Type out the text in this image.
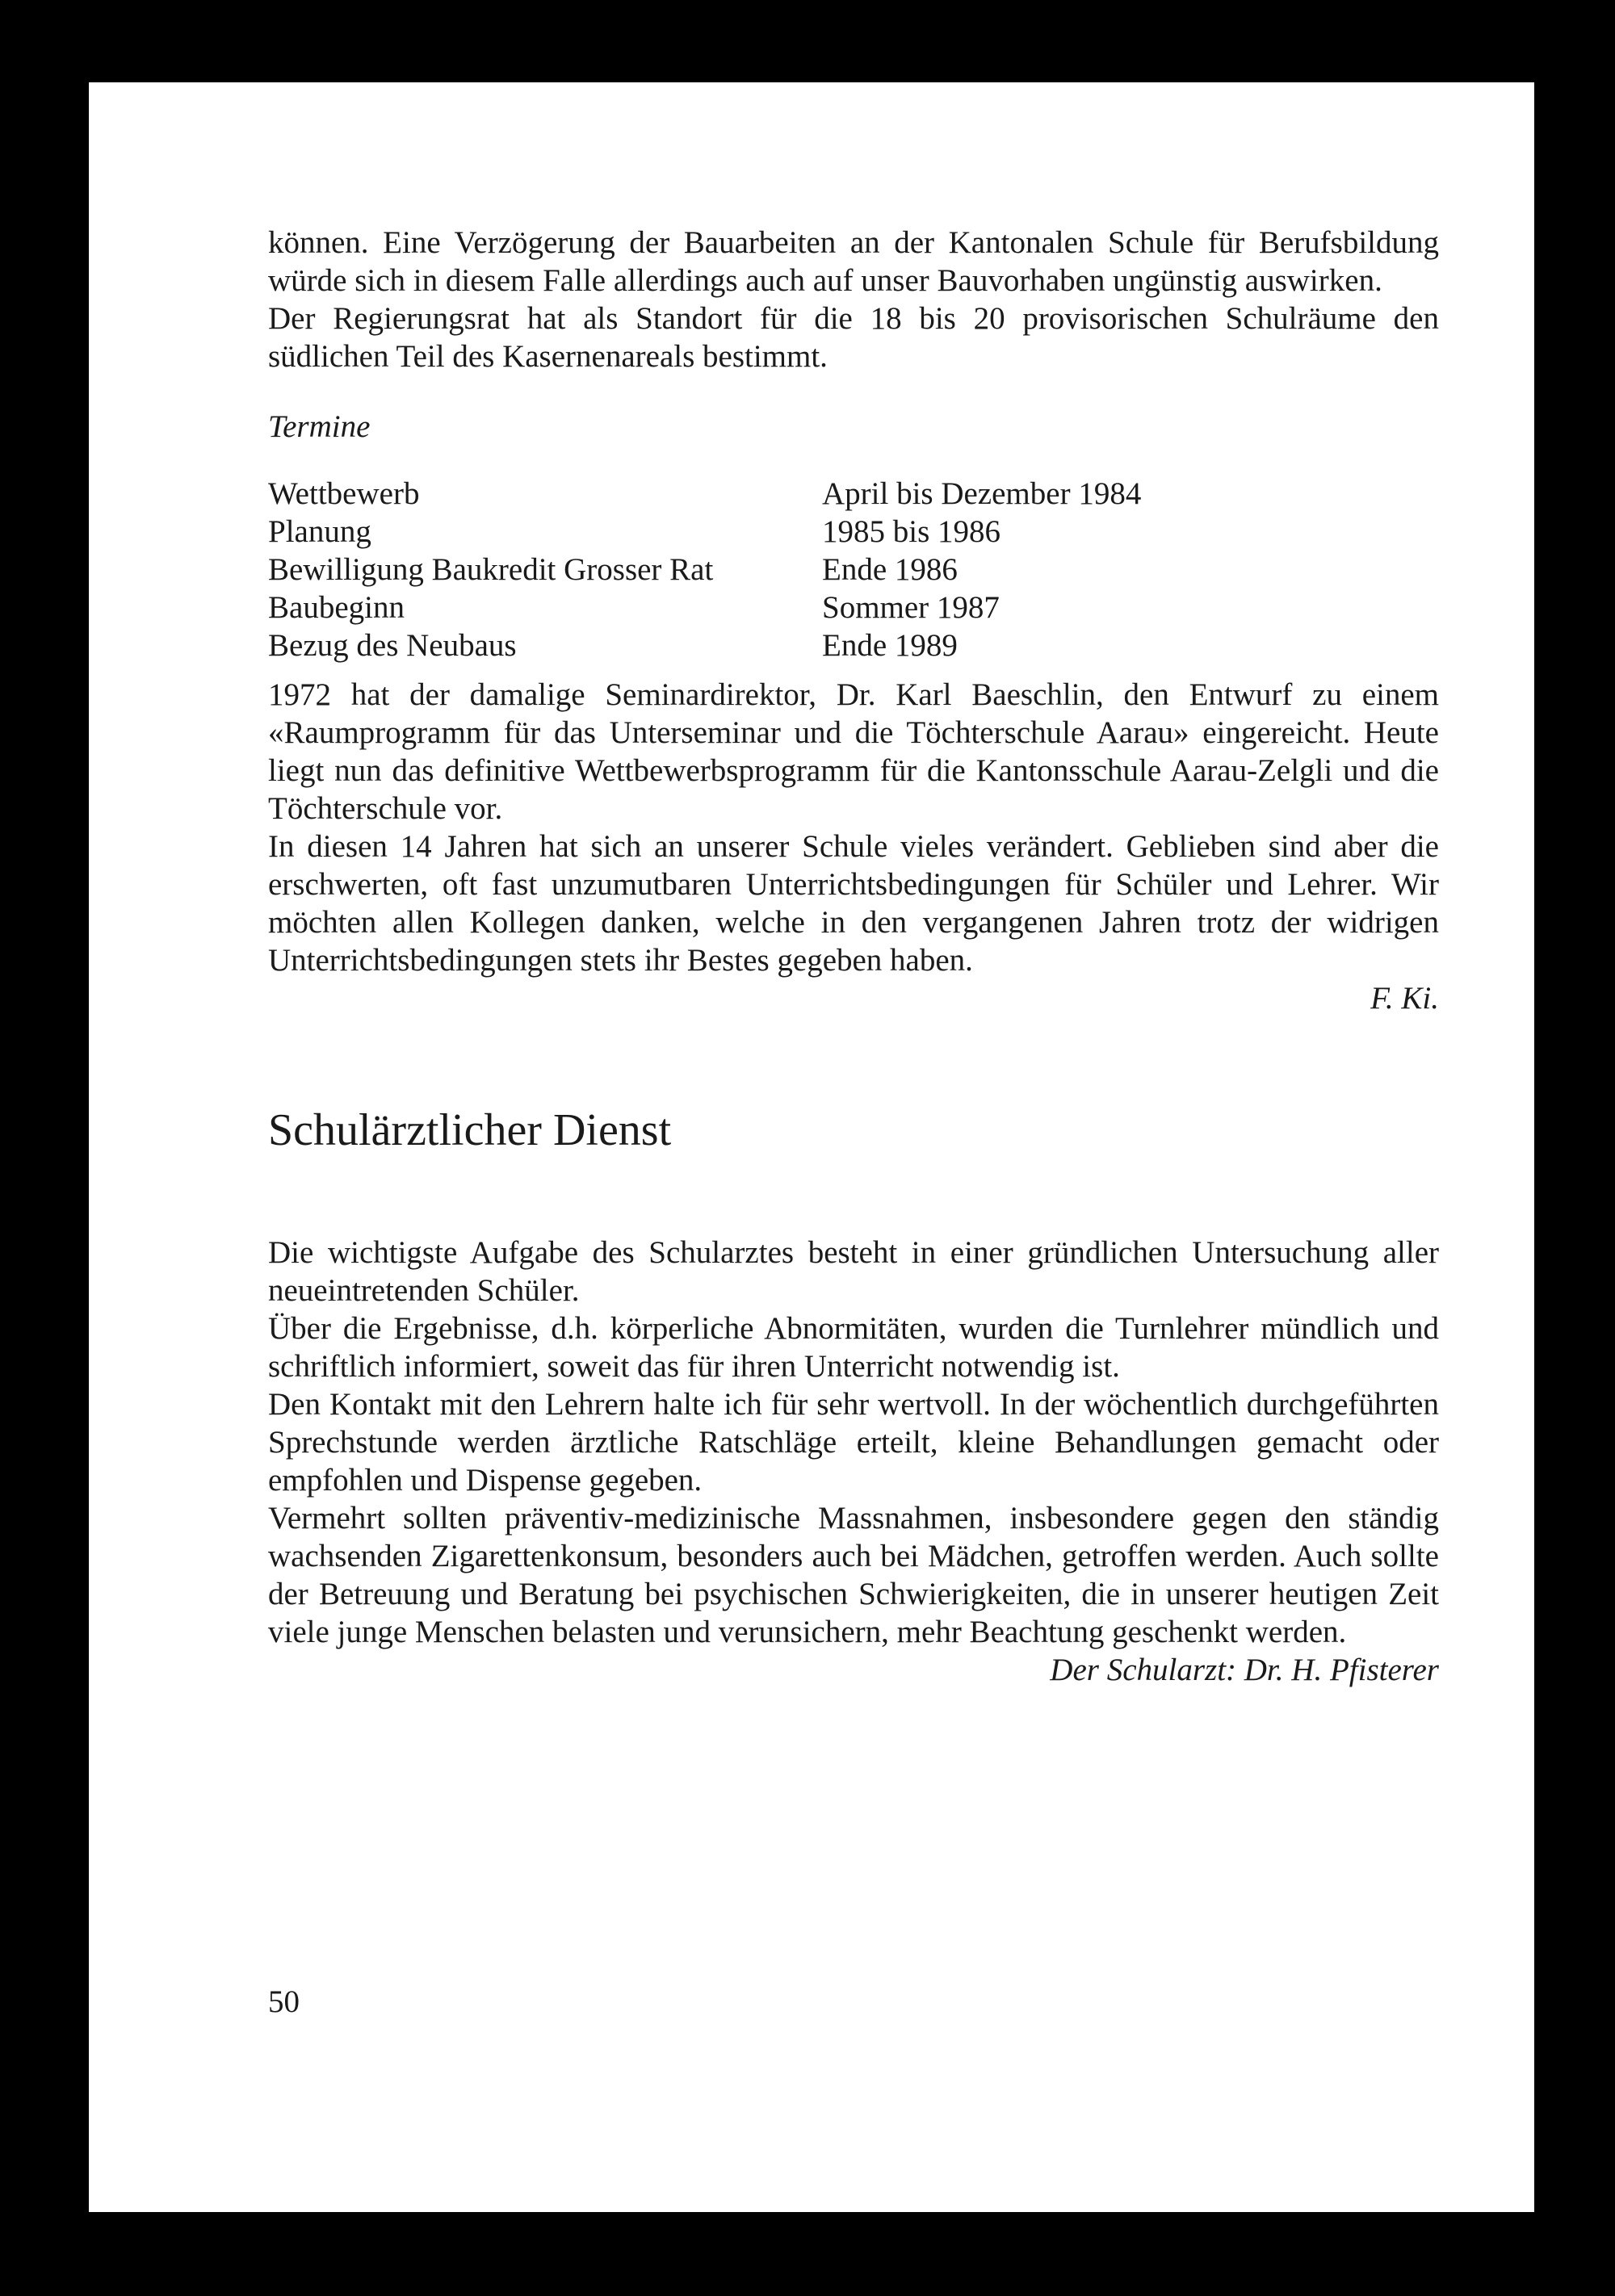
können. Eine Verzögerung der Bauarbeiten an der Kantonalen Schule für Berufsbildung würde sich in diesem Falle allerdings auch auf unser Bauvorhaben ungünstig auswirken.

Der Regierungsrat hat als Standort für die 18 bis 20 provisorischen Schulräume den südlichen Teil des Kasernenareals bestimmt.

Termine
Wettbewerb	April bis Dezember 1984
Planung	1985 bis 1986
Bewilligung Baukredit Grosser Rat	Ende 1986
Baubeginn	Sommer 1987
Bezug des Neubaus	Ende 1989

1972 hat der damalige Seminardirektor, Dr. Karl Baeschlin, den Entwurf zu einem «Raumprogramm für das Unterseminar und die Töchterschule Aarau» eingereicht. Heute liegt nun das definitive Wettbewerbsprogramm für die Kantonsschule Aarau-Zelgli und die Töchterschule vor.

In diesen 14 Jahren hat sich an unserer Schule vieles verändert. Geblieben sind aber die erschwerten, oft fast unzumutbaren Unterrichtsbedingungen für Schüler und Lehrer. Wir möchten allen Kollegen danken, welche in den vergangenen Jahren trotz der widrigen Unterrichtsbedingungen stets ihr Bestes gegeben haben.

F. Ki.
Schulärztlicher Dienst

Die wichtigste Aufgabe des Schularztes besteht in einer gründlichen Untersuchung aller neueintretenden Schüler.

Über die Ergebnisse, d.h. körperliche Abnormitäten, wurden die Turnlehrer mündlich und schriftlich informiert, soweit das für ihren Unterricht notwendig ist.

Den Kontakt mit den Lehrern halte ich für sehr wertvoll. In der wöchentlich durchgeführten Sprechstunde werden ärztliche Ratschläge erteilt, kleine Behandlungen gemacht oder empfohlen und Dispense gegeben.

Vermehrt sollten präventiv-medizinische Massnahmen, insbesondere gegen den ständig wachsenden Zigarettenkonsum, besonders auch bei Mädchen, getroffen werden. Auch sollte der Betreuung und Beratung bei psychischen Schwierigkeiten, die in unserer heutigen Zeit viele junge Menschen belasten und verunsichern, mehr Beachtung geschenkt werden.

Der Schularzt: Dr. H. Pfisterer
50
